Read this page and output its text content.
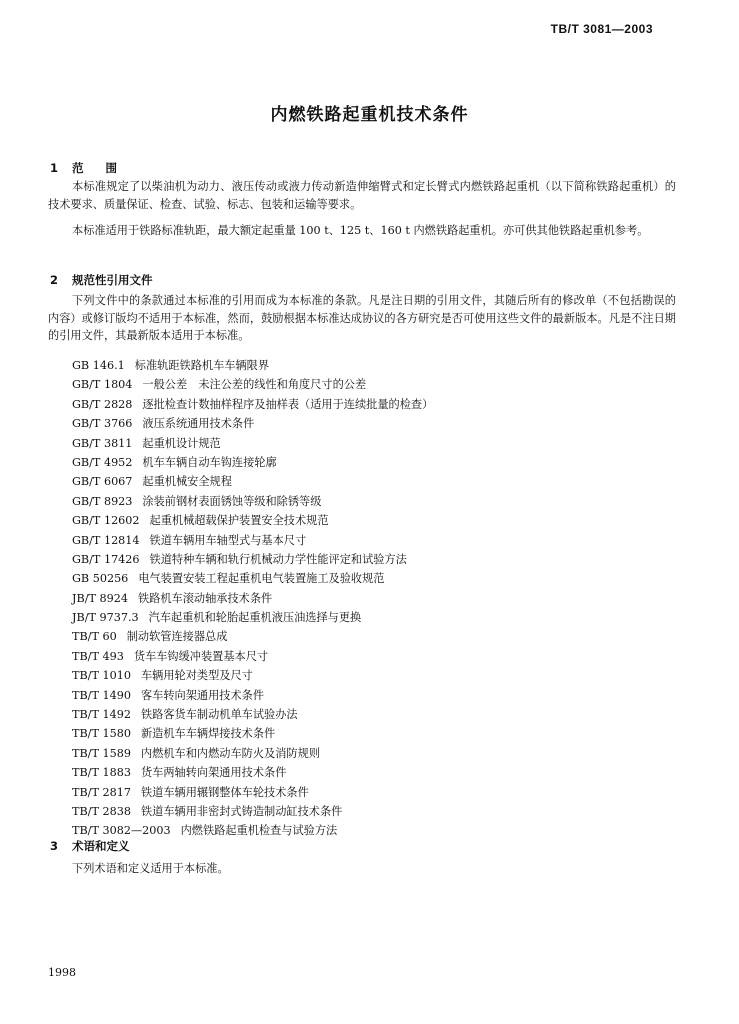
TB/T 3081—2003
内燃铁路起重机技术条件
1 范围

本标准规定了以柴油机为动力、液压传动或液力传动新造伸缩臂式和定长臂式内燃铁路起重机（以下简称铁路起重机）的技术要求、质量保证、检查、试验、标志、包装和运输等要求。

本标准适用于铁路标准轨距，最大额定起重量 100 t、125 t、160 t 内燃铁路起重机。亦可供其他铁路起重机参考。

2 规范性引用文件

下列文件中的条款通过本标准的引用而成为本标准的条款。凡是注日期的引用文件，其随后所有的修改单（不包括勘误的内容）或修订版均不适用于本标准，然而，鼓励根据本标准达成协议的各方研究是否可使用这些文件的最新版本。凡是不注日期的引用文件，其最新版本适用于本标准。

GB 146.1 标准轨距铁路机车车辆限界
GB/T 1804 一般公差　未注公差的线性和角度尺寸的公差
GB/T 2828 逐批检查计数抽样程序及抽样表（适用于连续批量的检查）
GB/T 3766 液压系统通用技术条件
GB/T 3811 起重机设计规范
GB/T 4952 机车车辆自动车钩连接轮廓
GB/T 6067 起重机械安全规程
GB/T 8923 涂装前钢材表面锈蚀等级和除锈等级
GB/T 12602 起重机械超载保护装置安全技术规范
GB/T 12814 铁道车辆用车轴型式与基本尺寸
GB/T 17426 铁道特种车辆和轨行机械动力学性能评定和试验方法
GB 50256 电气装置安装工程起重机电气装置施工及验收规范
JB/T 8924 铁路机车滚动轴承技术条件
JB/T 9737.3 汽车起重机和轮胎起重机液压油选择与更换
TB/T 60 制动软管连接器总成
TB/T 493 货车车钩缓冲装置基本尺寸
TB/T 1010 车辆用轮对类型及尺寸
TB/T 1490 客车转向架通用技术条件
TB/T 1492 铁路客货车制动机单车试验办法
TB/T 1580 新造机车车辆焊接技术条件
TB/T 1589 内燃机车和内燃动车防火及消防规则
TB/T 1883 货车两轴转向架通用技术条件
TB/T 2817 铁道车辆用辗钢整体车轮技术条件
TB/T 2838 铁道车辆用非密封式铸造制动缸技术条件
TB/T 3082—2003 内燃铁路起重机检查与试验方法
3 术语和定义

下列术语和定义适用于本标准。

1998
